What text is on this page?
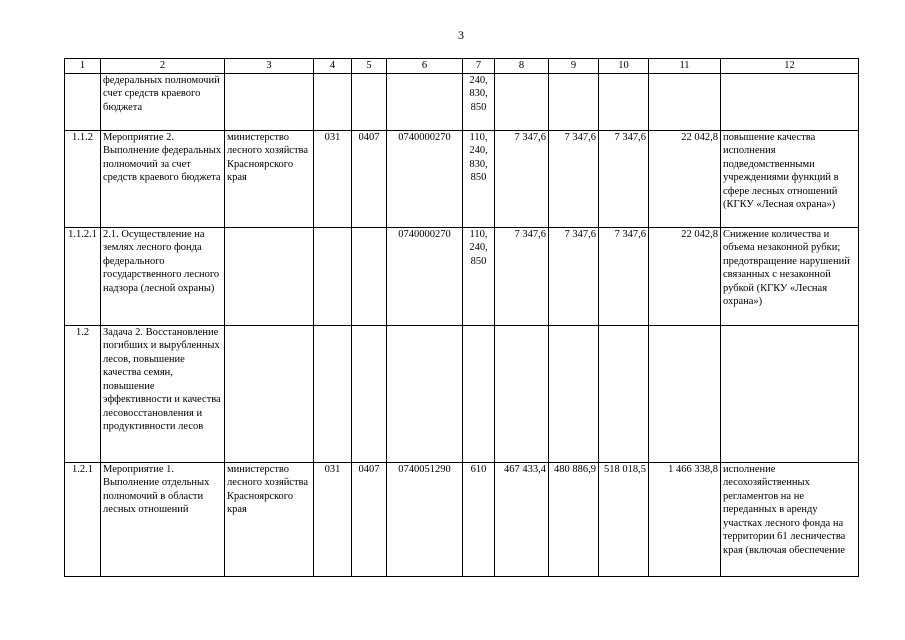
3
1	2	3	4	5	6	7	8	9	10	11	12
	федеральных полномочий счет средств краевого бюджета					240, 830, 850					
1.1.2	Мероприятие 2. Выполнение федеральных полномочий за счет средств краевого бюджета	министерство лесного хозяйства Красноярского края	031	0407	0740000270	110, 240, 830, 850	7 347,6	7 347,6	7 347,6	22 042,8	повышение качества исполнения подведомственными учреждениями функций в сфере лесных отношений (КГКУ «Лесная охрана»)
1.1.2.1	2.1. Осуществление на землях лесного фонда федерального государственного лесного надзора (лесной охраны)				0740000270	110, 240, 850	7 347,6	7 347,6	7 347,6	22 042,8	Снижение количества и объема незаконной рубки; предотвращение нарушений связанных с незаконной рубкой (КГКУ «Лесная охрана»)
1.2	Задача 2. Восстановление погибших и вырубленных лесов, повышение качества семян, повышение эффективности и качества лесовосстановления и продуктивности лесов										
1.2.1	Мероприятие 1. Выполнение отдельных полномочий в области лесных отношений	министерство лесного хозяйства Красноярского края	031	0407	0740051290	610	467 433,4	480 886,9	518 018,5	1 466 338,8	исполнение лесохозяйственных регламентов на не переданных в аренду участках лесного фонда на территории 61 лесничества края (включая обеспечение
